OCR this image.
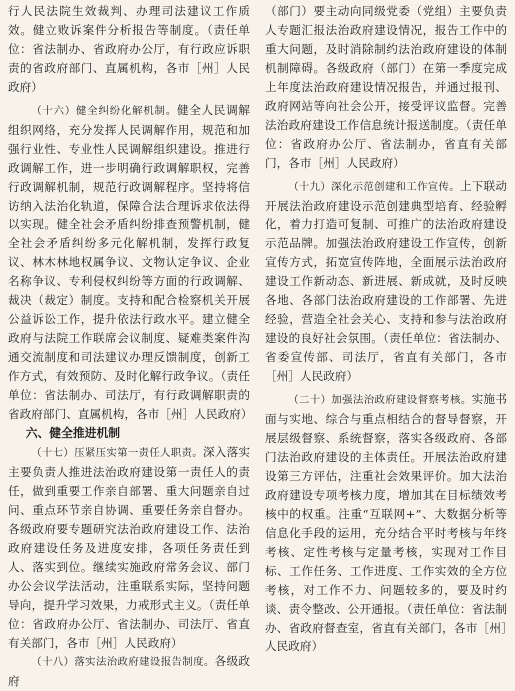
行人民法院生效裁判、办理司法建议工作质效。健立败诉案件分析报告等制度。（责任单位：省法制办、省政府办公厅，有行政应诉职责的省政府部门、直属机构，各市［州］人民政府）

（十六）健全纠纷化解机制。健全人民调解组织网络，充分发挥人民调解作用，规范和加强行业性、专业性人民调解组织建设。推进行政调解工作，进一步明确行政调解职权，完善行政调解机制，规范行政调解程序。坚持将信访纳入法治化轨道，保障合法合理诉求依法得以实现。健全社会矛盾纠纷排查预警机制，健全社会矛盾纠纷多元化解机制，发挥行政复议、林木林地权属争议、文物认定争议、企业名称争议、专利侵权纠纷等方面的行政调解、裁决（裁定）制度。支持和配合检察机关开展公益诉讼工作，提升依法行政水平。建立健全政府与法院工作联席会议制度、疑难类案件沟通交流制度和司法建议办理反馈制度，创新工作方式，有效预防、及时化解行政争议。（责任单位：省法制办、司法厅，有行政调解职责的省政府部门、直属机构，各市［州］人民政府）

六、健全推进机制

（十七）压紧压实第一责任人职责。深入落实主要负责人推进法治政府建设第一责任人的责任，做到重要工作亲自部署、重大问题亲自过问、重点环节亲自协调、重要任务亲自督办。各级政府要专题研究法治政府建设工作、法治政府建设任务及进度安排，各项任务责任到人、落实到位。继续实施政府常务会议、部门办公会议学法活动，注重联系实际，坚持问题导向，提升学习效果，力戒形式主义。（责任单位：省政府办公厅、省法制办、司法厅、省直有关部门，各市［州］人民政府）

（十八）落实法治政府建设报告制度。各级政府

（部门）要主动向同级党委（党组）主要负责人专题汇报法治政府建设情况，报告工作中的重大问题，及时消除制约法治政府建设的体制机制障碍。各级政府（部门）在第一季度完成上年度法治政府建设情况报告，并通过报刊、政府网站等向社会公开，接受评议监督。完善法治政府建设工作信息统计报送制度。（责任单位：省政府办公厅、省法制办，省直有关部门，各市［州］人民政府）

（十九）深化示范创建和工作宣传。上下联动开展法治政府建设示范创建典型培育、经验孵化，着力打造可复制、可推广的法治政府建设示范品牌。加强法治政府建设工作宣传，创新宣传方式，拓宽宣传阵地，全面展示法治政府建设工作新动态、新进展、新成就，及时反映各地、各部门法治政府建设的工作部署、先进经验，营造全社会关心、支持和参与法治政府建设的良好社会氛围。（责任单位：省法制办、省委宣传部、司法厅，省直有关部门，各市［州］人民政府）

（二十）加强法治政府建设督察考核。实施书面与实地、综合与重点相结合的督导督察，开展层级督察、系统督察，落实各级政府、各部门法治政府建设的主体责任。开展法治政府建设第三方评估，注重社会效果评价。加大法治政府建设专项考核力度，增加其在目标绩效考核中的权重。注重“互联网+”、大数据分析等信息化手段的运用，充分结合平时考核与年终考核、定性考核与定量考核，实现对工作目标、工作任务、工作进度、工作实效的全方位考核，对工作不力、问题较多的，要及时约谈、责令整改、公开通报。（责任单位：省法制办、省政府督查室，省直有关部门，各市［州］人民政府）
